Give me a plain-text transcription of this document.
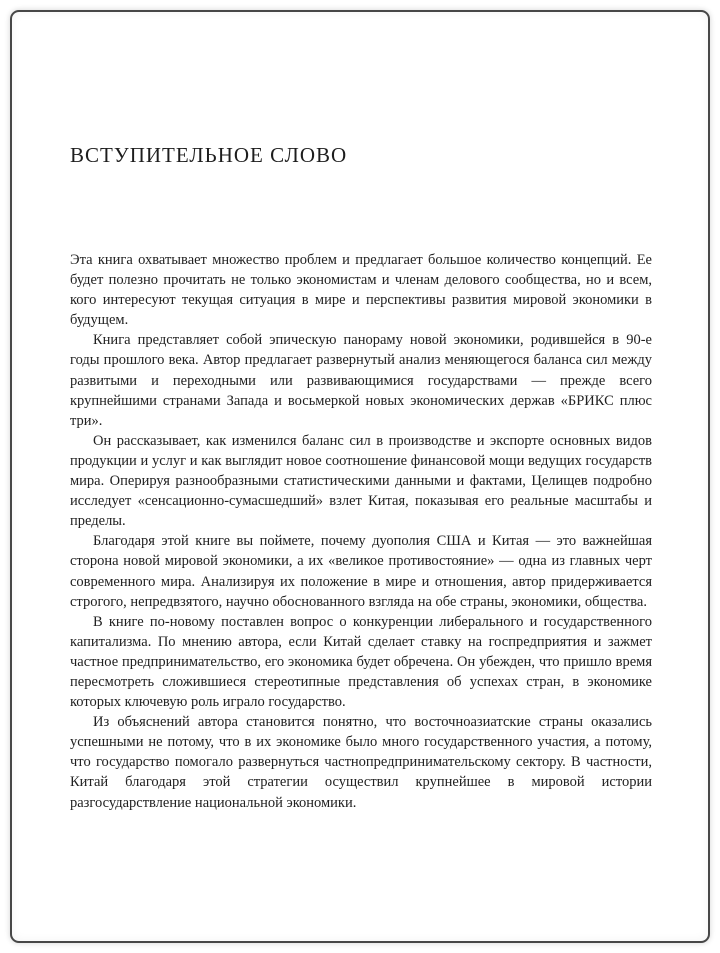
ВСТУПИТЕЛЬНОЕ СЛОВО

Эта книга охватывает множество проблем и предлагает большое количество концепций. Ее будет полезно прочитать не только экономистам и членам делового сообщества, но и всем, кого интересуют текущая ситуация в мире и перспективы развития мировой экономики в будущем.

Книга представляет собой эпическую панораму новой экономики, родившейся в 90-е годы прошлого века. Автор предлагает развернутый анализ меняющегося баланса сил между развитыми и переходными или развивающимися государствами — прежде всего крупнейшими странами Запада и восьмеркой новых экономических держав «БРИКС плюс три».

Он рассказывает, как изменился баланс сил в производстве и экспорте основных видов продукции и услуг и как выглядит новое соотношение финансовой мощи ведущих государств мира. Оперируя разнообразными статистическими данными и фактами, Целищев подробно исследует «сенсационно-сумасшедший» взлет Китая, показывая его реальные масштабы и пределы.

Благодаря этой книге вы поймете, почему дуополия США и Китая — это важнейшая сторона новой мировой экономики, а их «великое противостояние» — одна из главных черт современного мира. Анализируя их положение в мире и отношения, автор придерживается строгого, непредвзятого, научно обоснованного взгляда на обе страны, экономики, общества.

В книге по-новому поставлен вопрос о конкуренции либерального и государственного капитализма. По мнению автора, если Китай сделает ставку на госпредприятия и зажмет частное предпринимательство, его экономика будет обречена. Он убежден, что пришло время пересмотреть сложившиеся стереотипные представления об успехах стран, в экономике которых ключевую роль играло государство.

Из объяснений автора становится понятно, что восточноазиатские страны оказались успешными не потому, что в их экономике было много государственного участия, а потому, что государство помогало развернуться частнопредпринимательскому сектору. В частности, Китай благодаря этой стратегии осуществил крупнейшее в мировой истории разгосударствление национальной экономики.
